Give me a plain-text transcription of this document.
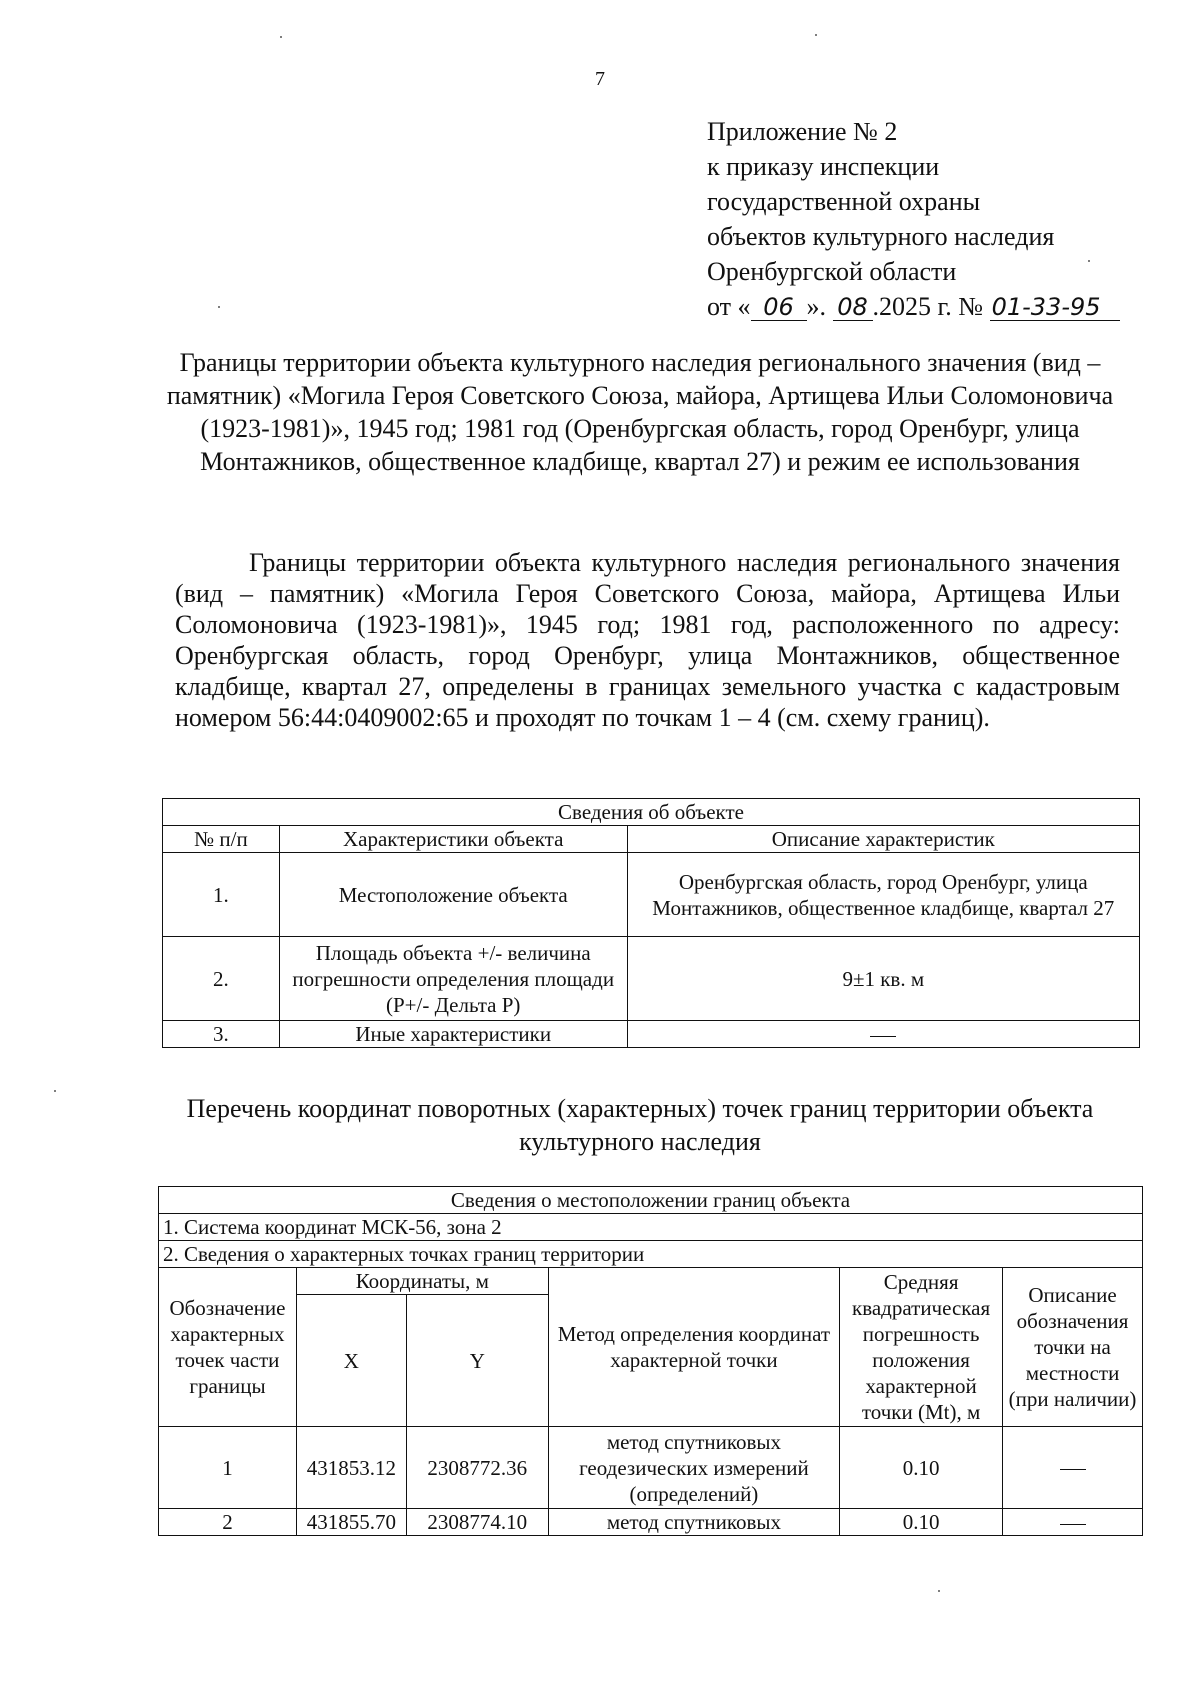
7
Приложение № 2
к приказу инспекции
государственной охраны
объектов культурного наследия
Оренбургской области
от « 06 ». 08 .2025 г. № 01-33-95
Границы территории объекта культурного наследия регионального значения (вид – памятник) «Могила Героя Советского Союза, майора, Артищева Ильи Соломоновича (1923-1981)», 1945 год; 1981 год (Оренбургская область, город Оренбург, улица Монтажников, общественное кладбище, квартал 27) и режим ее использования
Границы территории объекта культурного наследия регионального значения (вид – памятник) «Могила Героя Советского Союза, майора, Артищева Ильи Соломоновича (1923-1981)», 1945 год; 1981 год, расположенного по адресу: Оренбургская область, город Оренбург, улица Монтажников, общественное кладбище, квартал 27, определены в границах земельного участка с кадастровым номером 56:44:0409002:65 и проходят по точкам 1 – 4 (см. схему границ).
Сведения об объекте		
№ п/п	Характеристики объекта	Описание характеристик
1.	Местоположение объекта	Оренбургская область, город Оренбург, улица Монтажников, общественное кладбище, квартал 27
2.	Площадь объекта +/- величина погрешности определения площади (Р+/- Дельта Р)	9±1 кв. м
3.	Иные характеристики	
Перечень координат поворотных (характерных) точек границ территории объекта культурного наследия
Сведения о местоположении границ объекта					
1. Система координат МСК-56, зона 2					
2. Сведения о характерных точках границ территории					
Обозначение характерных точек части границы	Координаты, м		Метод определения координат характерной точки	Средняя квадратическая погрешность положения характерной точки (Mt), м	Описание обозначения точки на местности (при наличии)
	X	Y			
1	431853.12	2308772.36	метод спутниковых геодезических измерений (определений)	0.10	
2	431855.70	2308774.10	метод спутниковых	0.10	
